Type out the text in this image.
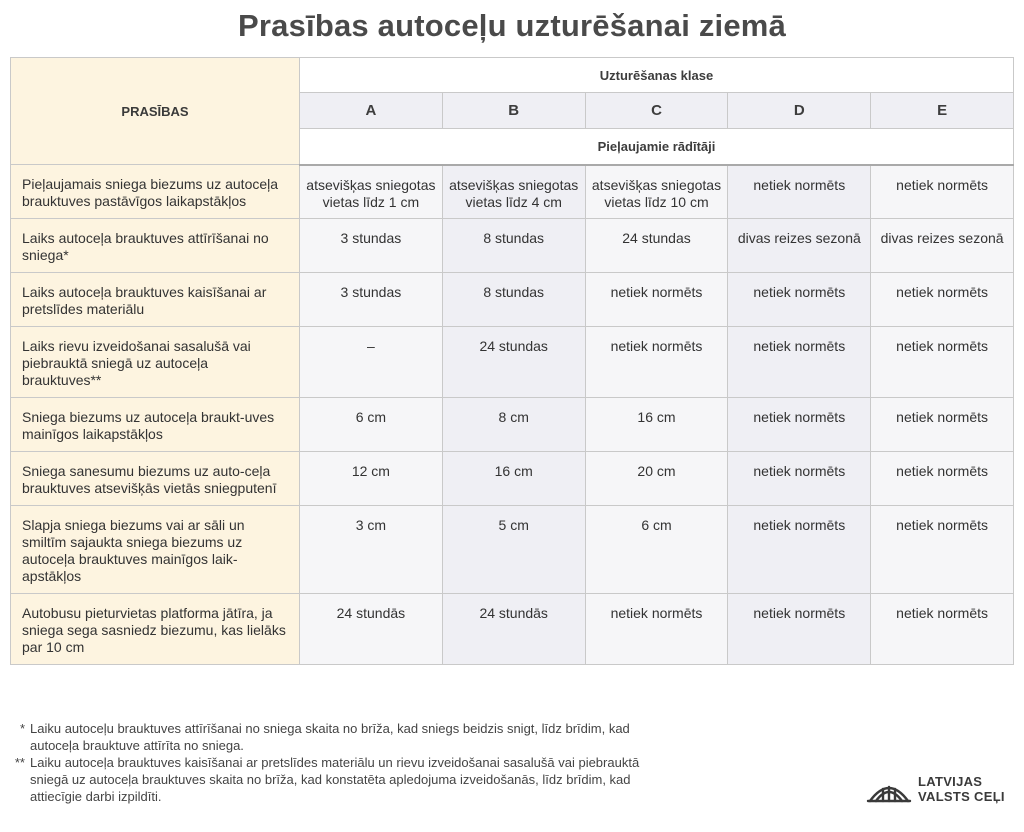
Prasības autoceļu uzturēšanai ziemā
PRASĪBAS	Uzturēšanas klase				
	A	B	C	D	E
	Pieļaujamie rādītāji				
Pieļaujamais sniega biezums uz autoceļa brauktuves pastāvīgos laikapstākļos	atsevišķas sniegotas vietas līdz 1 cm	atsevišķas sniegotas vietas līdz 4 cm	atsevišķas sniegotas vietas līdz 10 cm	netiek normēts	netiek normēts
Laiks autoceļa brauktuves attīrīšanai no sniega*	3 stundas	8 stundas	24 stundas	divas reizes sezonā	divas reizes sezonā
Laiks autoceļa brauktuves kaisīšanai ar pretslīdes materiālu	3 stundas	8 stundas	netiek normēts	netiek normēts	netiek normēts
Laiks rievu izveidošanai sasalušā vai piebrauktā sniegā uz autoceļa brauktuves**	–	24 stundas	netiek normēts	netiek normēts	netiek normēts
Sniega biezums uz autoceļa braukt-uves mainīgos laikapstākļos	6 cm	8 cm	16 cm	netiek normēts	netiek normēts
Sniega sanesumu biezums uz auto-ceļa brauktuves atsevišķās vietās sniegputenī	12 cm	16 cm	20 cm	netiek normēts	netiek normēts
Slapja sniega biezums vai ar sāli un smiltīm sajaukta sniega biezums uz autoceļa brauktuves mainīgos laik-apstākļos	3 cm	5 cm	6 cm	netiek normēts	netiek normēts
Autobusu pieturvietas platforma jātīra, ja sniega sega sasniedz biezumu, kas lielāks par 10 cm	24 stundās	24 stundās	netiek normēts	netiek normēts	netiek normēts
* Laiku autoceļu brauktuves attīrīšanai no sniega skaita no brīža, kad sniegs beidzis snigt, līdz brīdim, kad autoceļa brauktuve attīrīta no sniega.
** Laiku autoceļa brauktuves kaisīšanai ar pretslīdes materiālu un rievu izveidošanai sasalušā vai piebrauktā sniegā uz autoceļa brauktuves skaita no brīža, kad konstatēta apledojuma izveidošanās, līdz brīdim, kad attiecīgie darbi izpildīti.
LATVIJAS
VALSTS CEĻI
